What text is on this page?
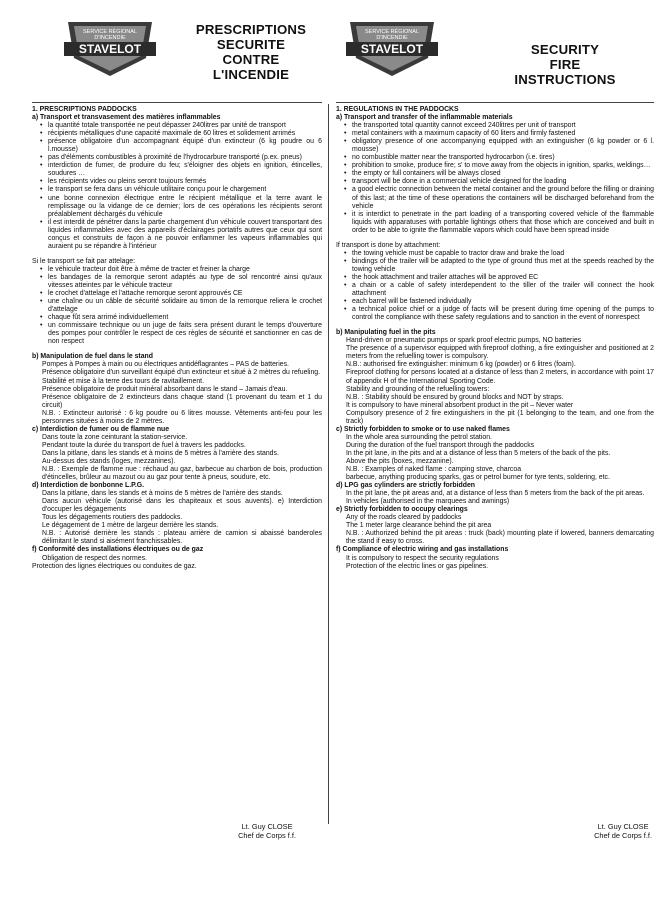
SERVICE RÉGIONAL
D'INCENDIE
STAVELOT
PRESCRIPTIONS
SECURITE
CONTRE
L'INCENDIE
1. PRESCRIPTIONS PADDOCKS
a) Transport et transvasement des matières inflammables
• la quantité totale transportée ne peut dépasser 240litres par unité de transport
• récipients métalliques d'une capacité maximale de 60 litres et solidement arrimés
• présence obligatoire d'un accompagnant équipé d'un extincteur (6 kg poudre ou 6 l.mousse)
• pas d'éléments combustibles à proximité de l'hydrocarbure transporté (p.ex. pneus)
• interdiction de fumer, de produire du feu; s'éloigner des objets en ignition, étincelles, soudures …
• les récipients vides ou pleins seront toujours fermés
• le transport se fera dans un véhicule utilitaire conçu pour le chargement
• une bonne connexion électrique entre le récipient métallique et la terre avant le remplissage ou la vidange de ce dernier; lors de ces opérations les récipients seront préalablement déchargés du véhicule
• il est interdit de pénétrer dans la partie chargement d'un véhicule couvert transportant des liquides inflammables avec des appareils d'éclairages portatifs autres que ceux qui sont conçus et construits de façon à ne pouvoir enflammer les vapeurs inflammables qui auraient pu se répandre à l'intérieur

Si le transport se fait par attelage:

• le véhicule tracteur doit être à même de tracter et freiner la charge
• les bandages de la remorque seront adaptés au type de sol rencontré ainsi qu'aux vitesses atteintes par le véhicule tracteur
• le crochet d'attelage et l'attache remorque seront approuvés CE
• une chaîne ou un câble de sécurité solidaire au timon de la remorque reliera le crochet d'attelage
• chaque fût sera arrimé individuellement
• un commissaire technique ou un juge de faits sera présent durant le temps d'ouverture des pompes pour contrôler le respect de ces règles de sécurité et sanctionner en cas de non respect
b) Manipulation de fuel dans le stand

Pompes à Pompes à main ou ou électriques antidéflagrantes – PAS de batteries.

Présence obligatoire d'un surveillant équipé d'un extincteur et situé à 2 mètres du refueling.

Stabilité et mise à la terre des tours de ravitaillement.

Présence obligatoire de produit minéral absorbant dans le stand – Jamais d'eau.

Présence obligatoire de 2 extincteurs dans chaque stand (1 provenant du team et 1 du circuit)

N.B. : Extincteur autorisé : 6 kg poudre ou 6 litres mousse. Vêtements anti-feu pour les personnes situées à moins de 2 mètres.

c) Interdiction de fumer ou de flamme nue

Dans toute la zone ceinturant la station-service.

Pendant toute la durée du transport de fuel à travers les paddocks.

Dans la pitlane, dans les stands et à moins de 5 mètres à l'arrière des stands.

Au-dessus des stands (loges, mezzanines).

N.B. : Exemple de flamme nue : réchaud au gaz, barbecue au charbon de bois, production d'étincelles, brûleur au mazout ou au gaz pour tente à pneus, soudure, etc.

d) Interdiction de bonbonne L.P.G.

Dans la pitlane, dans les stands et à moins de 5 mètres de l'arrière des stands.

Dans aucun véhicule (autorisé dans les chapiteaux et sous auvents). e) Interdiction d'occuper les dégagements

Tous les dégagements routiers des paddocks.

Le dégagement de 1 mètre de largeur derrière les stands.

N.B. : Autorisé derrière les stands : plateau arrière de camion si abaissé banderoles délimitant le stand si aisément franchissables.

f) Conformité des installations électriques ou de gaz

Obligation de respect des normes.

Protection des lignes électriques ou conduites de gaz.

Lt. Guy CLOSE
Chef de Corps f.f.
SERVICE RÉGIONAL
D'INCENDIE
STAVELOT	SECURITY
FIRE
INSTRUCTIONS
1. REGULATIONS IN THE PADDOCKS
a) Transport and transfer of the inflammable materials
• the transported total quantity cannot exceed 240litres per unit of transport
• metal containers with a maximum capacity of 60 liters and firmly fastened
• obligatory presence of one accompanying equipped with an extinguisher (6 kg powder or 6 l. mousse)
• no combustible matter near the transported hydrocarbon (i.e. tires)
• prohibition to smoke, produce fire; s' to move away from the objects in ignition, sparks, weldings…
• the empty or full containers will be always closed
• transport will be done in a commercial vehicle designed for the loading
• a good electric connection between the metal container and the ground before the filling or draining of this last; at the time of these operations the containers will be discharged beforehand from the vehicle
• it is interdict to penetrate in the part loading of a transporting covered vehicle of the flammable liquids with apparatuses with portable lightings others that those which are conceived and built in order to be able to ignite the flammable vapors which could have been spread inside

If transport is done by attachment:

• the towing vehicle must be capable to tractor draw and brake the load
• bindings of the trailer will be adapted to the type of ground thus met at the speeds reached by the towing vehicle
• the hook attachment and trailer attaches will be approved EC
• a chain or a cable of safety interdependent to the tiller of the trailer will connect the hook attachment
• each barrel will be fastened individually
• a technical police chief or a judge of facts will be present during time opening of the pumps to control the compliance with these safety regulations and to sanction in the event of nonrespect
b) Manipulating fuel in the pits

Hand-driven or pneumatic pumps or spark proof electric pumps, NO batteries

The presence of a supervisor equipped with fireproof clothing, a fire extinguisher and positioned at 2 meters from the refuelling tower is compulsory.

N.B.: authorised fire extinguisher: minimum 6 kg (powder) or 6 litres (foam).

Fireproof clothing for persons located at a distance of less than 2 meters, in accordance with point 17 of appendix H of the International Sporting Code.

Stability and grounding of the refuelling towers:

N.B. : Stability should be ensured by ground blocks and NOT by straps.

It is compulsory to have mineral absorbent product in the pit – Never water

Compulsory presence of 2 fire extinguishers in the pit (1 belonging to the team, and one from the track)

c) Strictly forbidden to smoke or to use naked flames

In the whole area surrounding the petrol station.

During the duration of the fuel transport through the paddocks

In the pit lane, in the pits and at a distance of less than 5 meters of the back of the pits.

Above the pits (boxes, mezzanine).

N.B. : Examples of naked flame : camping stove, charcoa

barbecue, anything producing sparks, gas or petrol burner for tyre tents, soldering, etc.

d) LPG gas cylinders are strictly forbidden

In the pit lane, the pit areas and, at a distance of less than 5 meters from the back of the pit areas.

In vehicles (authorised in the marquees and awnings)

e) Strictly forbidden to occupy clearings

Any of the roads cleared by paddocks

The 1 meter large clearance behind the pit area

N.B. : Authorized behind the pit areas : truck (back) mounting plate if lowered, banners demarcating the stand if easy to cross.

f) Compliance of electric wiring and gas installations

It is compulsory to respect the security regulations

Protection of the electric lines or gas pipelines.

Lt. Guy CLOSE
Chef de Corps f.f.
